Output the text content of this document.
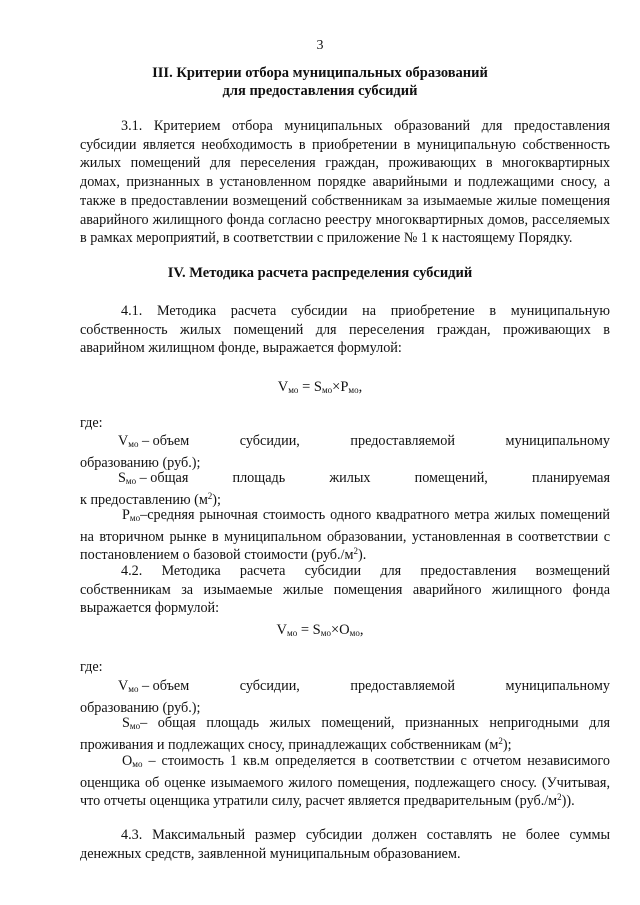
3
III. Критерии отбора муниципальных образований
для предоставления субсидий
3.1. Критерием отбора муниципальных образований для предоставления субсидии является необходимость в приобретении в муниципальную собственность жилых помещений для переселения граждан, проживающих в многоквартирных домах, признанных в установленном порядке аварийными и подлежащими сносу, а также в предоставлении возмещений собственникам за изымаемые жилые помещения аварийного жилищного фонда согласно реестру многоквартирных домов, расселяемых в рамках мероприятий, в соответствии с приложение № 1 к настоящему Порядку.
IV. Методика расчета распределения субсидий
4.1. Методика расчета субсидии на приобретение в муниципальную собственность жилых помещений для переселения граждан, проживающих в аварийном жилищном фонде, выражается формулой:
$V_{мо} = S_{мо}\times P_{мо}$,
где:
$V_{мо}$ – объем	субсидии,	предоставляемой	муниципальному
образованию (руб.);
$S_{мо}$ – общая	площадь	жилых	помещений,	планируемая
к предоставлению $(м^2)$;
$P_{мо}$–средняя рыночная стоимость одного квадратного метра жилых помещений на вторичном рынке в муниципальном образовании, установленная в соответствии с постановлением о базовой стоимости $(руб./м^2)$.
4.2. Методика расчета субсидии для предоставления возмещений собственникам за изымаемые жилые помещения аварийного жилищного фонда выражается формулой:
$V_{мо} = S_{мо}\times O_{мо}$,
где:
$V_{мо}$ – объем	субсидии,	предоставляемой	муниципальному
образованию (руб.);
$S_{мо}-$ общая площадь жилых помещений, признанных непригодными для проживания и подлежащих сносу, принадлежащих собственникам $(м^2)$;
$O_{мо}$ – стоимость 1 кв.м определяется в соответствии с отчетом независимого оценщика об оценке изымаемого жилого помещения, подлежащего сносу. (Учитывая, что отчеты оценщика утратили силу, расчет является предварительным $(руб./м^2)$).
4.3. Максимальный размер субсидии должен составлять не более суммы денежных средств, заявленной муниципальным образованием.
